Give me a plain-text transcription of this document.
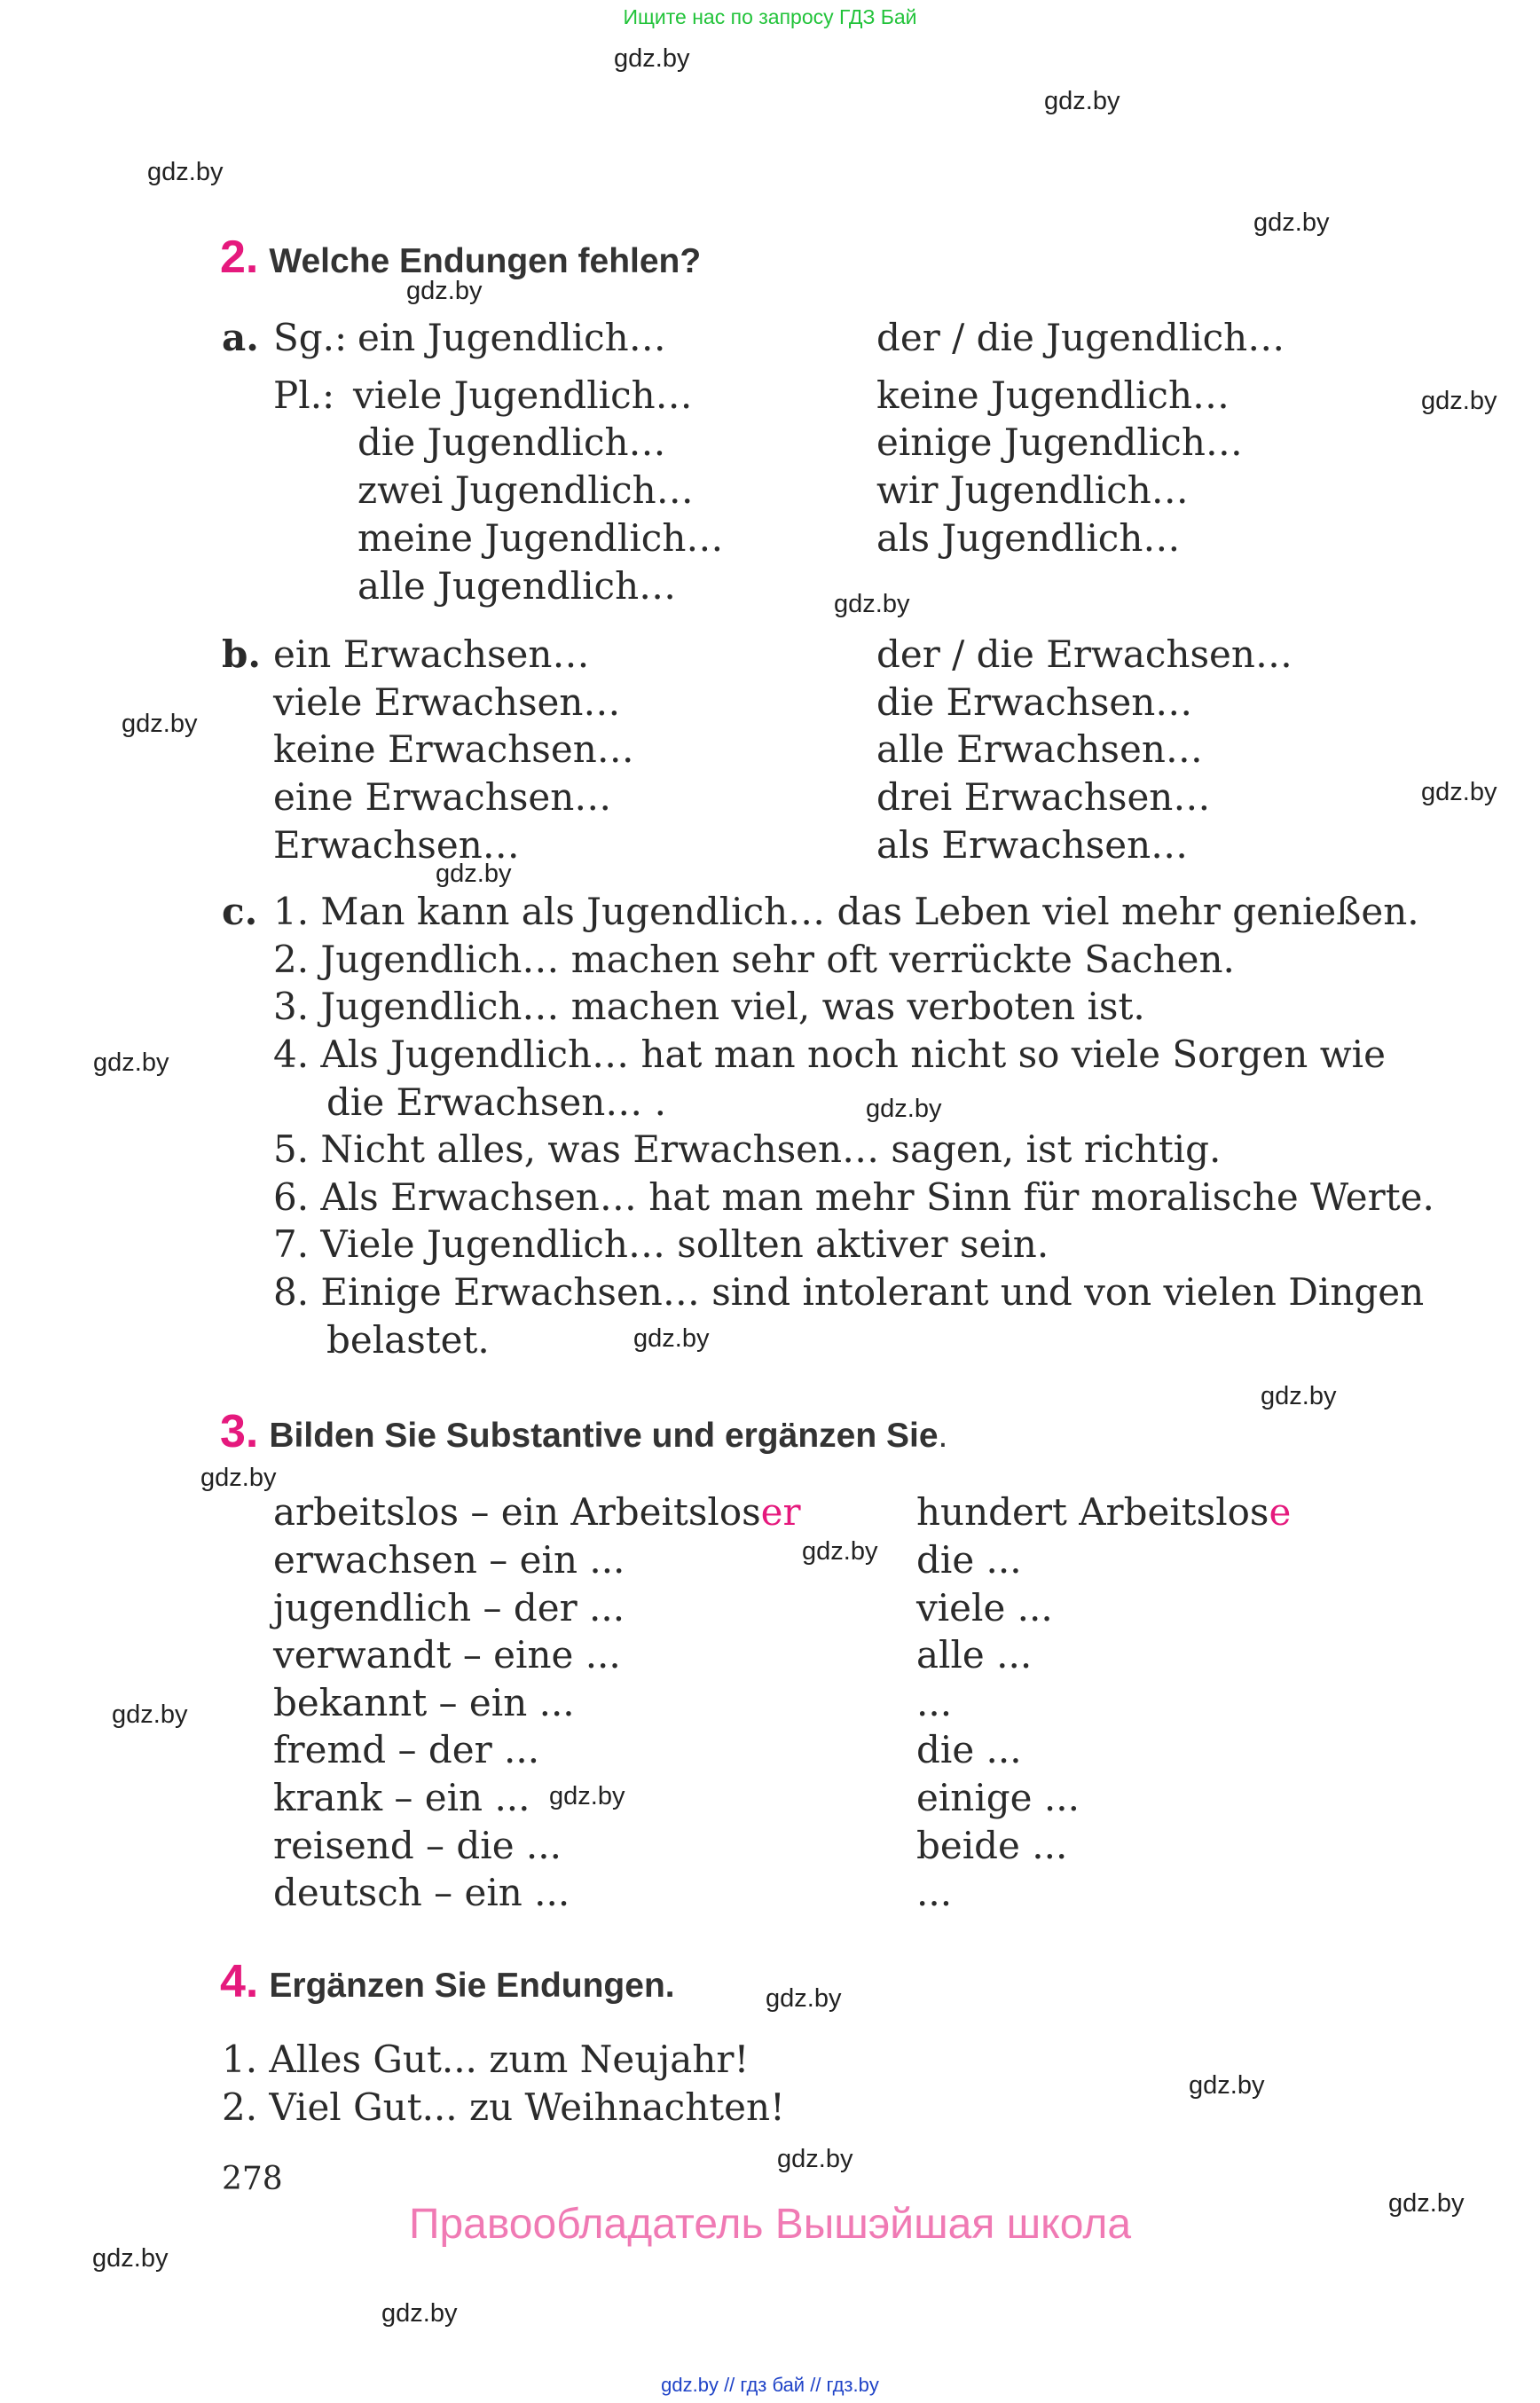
Ищите нас по запросу ГДЗ Бай
gdz.by
gdz.by
gdz.by
gdz.by
gdz.by
gdz.by
gdz.by
gdz.by
gdz.by
gdz.by
gdz.by
gdz.by
gdz.by
gdz.by
gdz.by
gdz.by
gdz.by
gdz.by
gdz.by
gdz.by
gdz.by
gdz.by
gdz.by
gdz.by
2. Welche Endungen fehlen?
a. Sg.: ein Jugendlich…
Pl.: viele Jugendlich…
die Jugendlich…
zwei Jugendlich…
meine Jugendlich…
alle Jugendlich…
der / die Jugendlich…
keine Jugendlich…
einige Jugendlich…
wir Jugendlich…
als Jugendlich…
b. ein Erwachsen…
viele Erwachsen…
keine Erwachsen…
eine Erwachsen…
Erwachsen…
der / die Erwachsen…
die Erwachsen…
alle Erwachsen…
drei Erwachsen…
als Erwachsen…
c. 1. Man kann als Jugendlich… das Leben viel mehr genießen.
2. Jugendlich… machen sehr oft verrückte Sachen.
3. Jugendlich… machen viel, was verboten ist.
4. Als Jugendlich… hat man noch nicht so viele Sorgen wie
die Erwachsen… .
5. Nicht alles, was Erwachsen… sagen, ist richtig.
6. Als Erwachsen… hat man mehr Sinn für moralische Werte.
7. Viele Jugendlich… sollten aktiver sein.
8. Einige Erwachsen… sind intolerant und von vielen Dingen
belastet.
3. Bilden Sie Substantive und ergänzen Sie.
arbeitslos – ein Arbeitsloser	hundert Arbeitslose
erwachsen – ein ...
jugendlich – der ...
verwandt – eine ...
bekannt – ein ...
fremd – der ...
krank – ein ...
reisend – die ...
deutsch – ein ...
die ...
viele ...
alle ...
...
die ...
einige ...
beide ...
...
4. Ergänzen Sie Endungen.
1. Alles Gut... zum Neujahr!
2. Viel Gut... zu Weihnachten!
278
Правообладатель Вышэйшая школа
gdz.by // гдз бай // гдз.by
